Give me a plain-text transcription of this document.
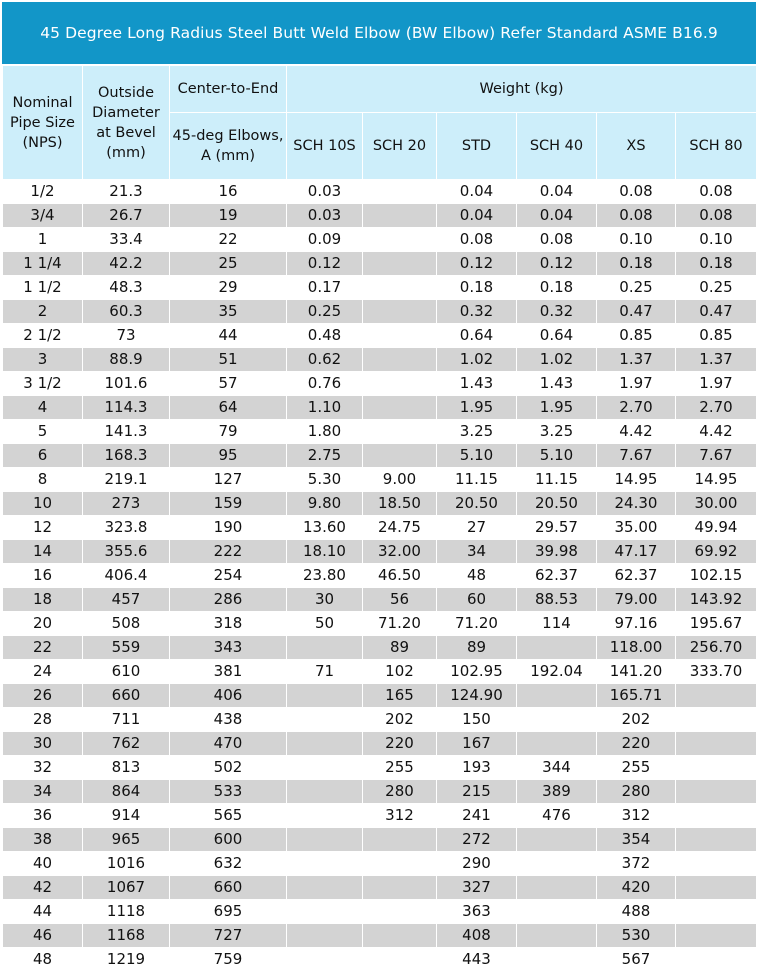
45 Degree Long Radius Steel Butt Weld Elbow (BW Elbow) Refer Standard ASME B16.9
Nominal Pipe Size (NPS)	Outside Diameter at Bevel (mm)	Center-to-End	Weight (kg)					
		45-deg Elbows, A (mm)	SCH 10S	SCH 20	STD	SCH 40	XS	SCH 80
1/2	21.3	16	0.03		0.04	0.04	0.08	0.08
3/4	26.7	19	0.03		0.04	0.04	0.08	0.08
1	33.4	22	0.09		0.08	0.08	0.10	0.10
1 1/4	42.2	25	0.12		0.12	0.12	0.18	0.18
1 1/2	48.3	29	0.17		0.18	0.18	0.25	0.25
2	60.3	35	0.25		0.32	0.32	0.47	0.47
2 1/2	73	44	0.48		0.64	0.64	0.85	0.85
3	88.9	51	0.62		1.02	1.02	1.37	1.37
3 1/2	101.6	57	0.76		1.43	1.43	1.97	1.97
4	114.3	64	1.10		1.95	1.95	2.70	2.70
5	141.3	79	1.80		3.25	3.25	4.42	4.42
6	168.3	95	2.75		5.10	5.10	7.67	7.67
8	219.1	127	5.30	9.00	11.15	11.15	14.95	14.95
10	273	159	9.80	18.50	20.50	20.50	24.30	30.00
12	323.8	190	13.60	24.75	27	29.57	35.00	49.94
14	355.6	222	18.10	32.00	34	39.98	47.17	69.92
16	406.4	254	23.80	46.50	48	62.37	62.37	102.15
18	457	286	30	56	60	88.53	79.00	143.92
20	508	318	50	71.20	71.20	114	97.16	195.67
22	559	343		89	89		118.00	256.70
24	610	381	71	102	102.95	192.04	141.20	333.70
26	660	406		165	124.90		165.71	
28	711	438		202	150		202	
30	762	470		220	167		220	
32	813	502		255	193	344	255	
34	864	533		280	215	389	280	
36	914	565		312	241	476	312	
38	965	600			272		354	
40	1016	632			290		372	
42	1067	660			327		420	
44	1118	695			363		488	
46	1168	727			408		530	
48	1219	759			443		567	
